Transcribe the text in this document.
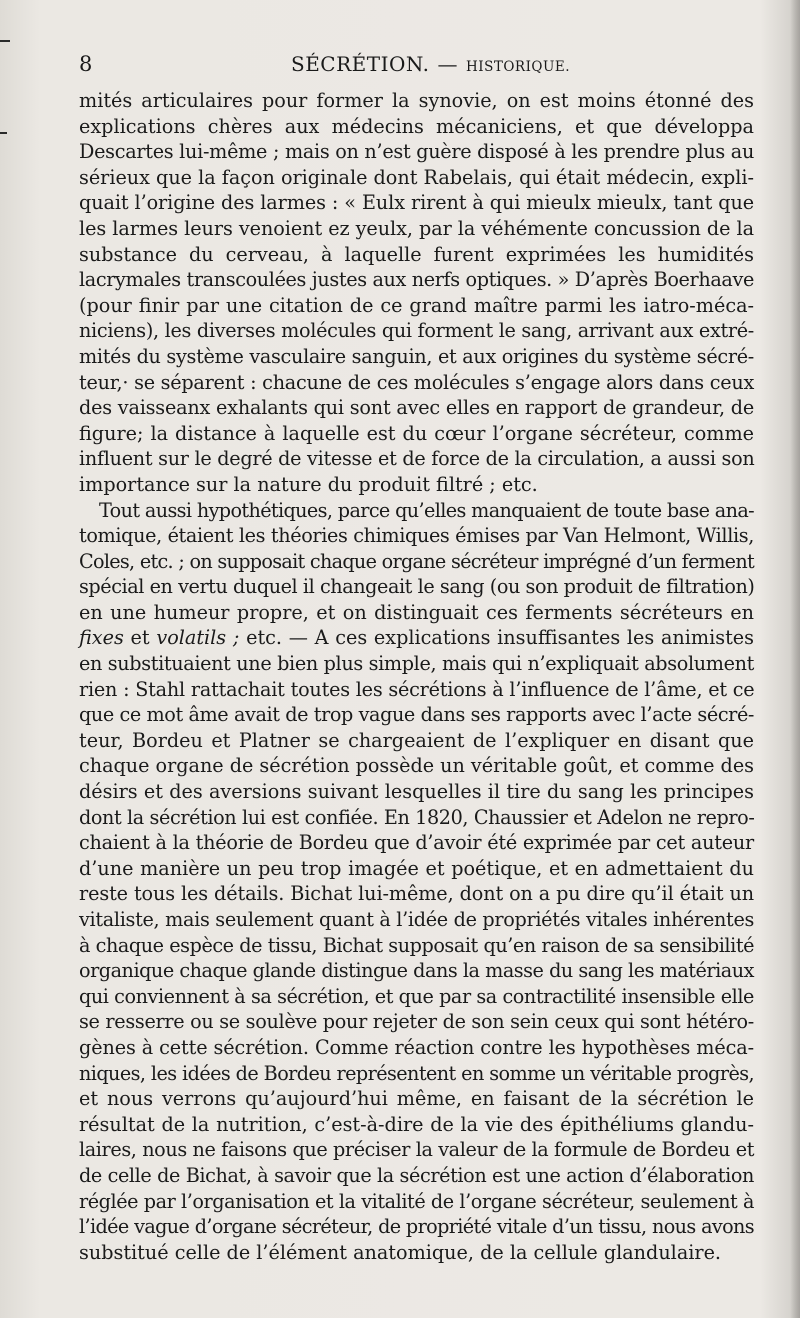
8	SÉCRÉTION. — HISTORIQUE.
mités articulaires pour former la synovie, on est moins étonné des
explications chères aux médecins mécaniciens, et que développa
Descartes lui-même ; mais on n’est guère disposé à les prendre plus au
sérieux que la façon originale dont Rabelais, qui était médecin, expli-
quait l’origine des larmes : « Eulx rirent à qui mieulx mieulx, tant que
les larmes leurs venoient ez yeulx, par la véhémente concussion de la
substance du cerveau, à laquelle furent exprimées les humidités
lacrymales transcoulées justes aux nerfs optiques. » D’après Boerhaave
(pour finir par une citation de ce grand maître parmi les iatro-méca-
niciens), les diverses molécules qui forment le sang, arrivant aux extré-
mités du système vasculaire sanguin, et aux origines du système sécré-
teur,· se séparent : chacune de ces molécules s’engage alors dans ceux
des vaisseanx exhalants qui sont avec elles en rapport de grandeur, de
figure; la distance à laquelle est du cœur l’organe sécréteur, comme
influent sur le degré de vitesse et de force de la circulation, a aussi son
importance sur la nature du produit filtré ; etc.
Tout aussi hypothétiques, parce qu’elles manquaient de toute base ana-
tomique, étaient les théories chimiques émises par Van Helmont, Willis,
Coles, etc. ; on supposait chaque organe sécréteur imprégné d’un ferment
spécial en vertu duquel il changeait le sang (ou son produit de filtration)
en une humeur propre, et on distinguait ces ferments sécréteurs en
fixes et volatils ; etc. — A ces explications insuffisantes les animistes
en substituaient une bien plus simple, mais qui n’expliquait absolument
rien : Stahl rattachait toutes les sécrétions à l’influence de l’âme, et ce
que ce mot âme avait de trop vague dans ses rapports avec l’acte sécré-
teur, Bordeu et Platner se chargeaient de l’expliquer en disant que
chaque organe de sécrétion possède un véritable goût, et comme des
désirs et des aversions suivant lesquelles il tire du sang les principes
dont la sécrétion lui est confiée. En 1820, Chaussier et Adelon ne repro-
chaient à la théorie de Bordeu que d’avoir été exprimée par cet auteur
d’une manière un peu trop imagée et poétique, et en admettaient du
reste tous les détails. Bichat lui-même, dont on a pu dire qu’il était un
vitaliste, mais seulement quant à l’idée de propriétés vitales inhérentes
à chaque espèce de tissu, Bichat supposait qu’en raison de sa sensibilité
organique chaque glande distingue dans la masse du sang les matériaux
qui conviennent à sa sécrétion, et que par sa contractilité insensible elle
se resserre ou se soulève pour rejeter de son sein ceux qui sont hétéro-
gènes à cette sécrétion. Comme réaction contre les hypothèses méca-
niques, les idées de Bordeu représentent en somme un véritable progrès,
et nous verrons qu’aujourd’hui même, en faisant de la sécrétion le
résultat de la nutrition, c’est-à-dire de la vie des épithéliums glandu-
laires, nous ne faisons que préciser la valeur de la formule de Bordeu et
de celle de Bichat, à savoir que la sécrétion est une action d’élaboration
réglée par l’organisation et la vitalité de l’organe sécréteur, seulement à
l’idée vague d’organe sécréteur, de propriété vitale d’un tissu, nous avons
substitué celle de l’élément anatomique, de la cellule glandulaire.
